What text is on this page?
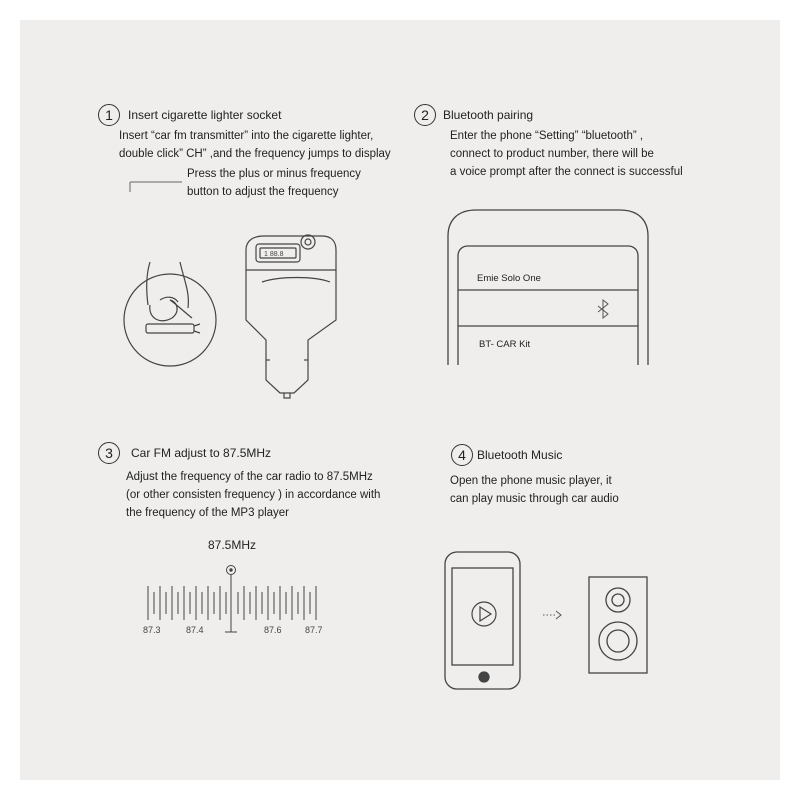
1	Insert cigarette lighter socket
Insert “car fm transmitter” into the cigarette lighter,
double click” CH” ,and the frequency jumps to display
Press the plus or minus frequency
button to adjust the frequency
1 88.8
2	Bluetooth pairing
Enter the phone “Setting” “bluetooth” ,
connect to product number, there will be
a voice prompt after the connect is successful
Emie Solo One
BT- CAR Kit
3	Car FM adjust to 87.5MHz
Adjust the frequency of the car radio to 87.5MHz
(or other consisten frequency ) in accordance with
the frequency of the MP3 player
87.5MHz
87.3	87.4	87.6	87.7
4 Bluetooth Music
Open the phone music player, it
can play music through car audio
